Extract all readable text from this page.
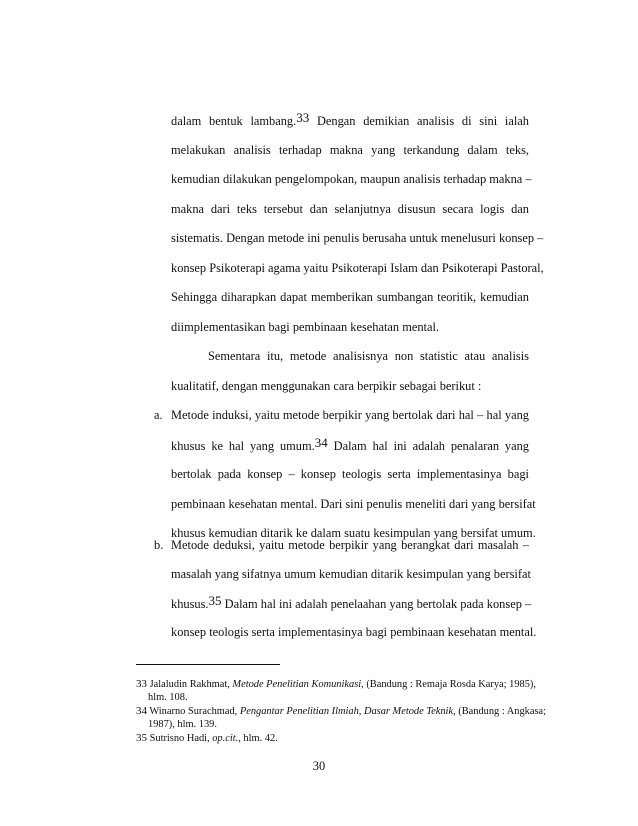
dalam bentuk lambang.33 Dengan demikian analisis di sini ialah
melakukan analisis terhadap makna yang terkandung dalam teks,
kemudian dilakukan pengelompokan, maupun analisis terhadap makna –
makna dari teks tersebut dan selanjutnya disusun secara logis dan
sistematis. Dengan metode ini penulis berusaha untuk menelusuri konsep –
konsep Psikoterapi agama yaitu Psikoterapi Islam dan Psikoterapi Pastoral,
Sehingga diharapkan dapat memberikan sumbangan teoritik, kemudian
diimplementasikan bagi pembinaan kesehatan mental.
Sementara itu, metode analisisnya non statistic atau analisis
kualitatif, dengan menggunakan cara berpikir sebagai berikut :
a. Metode induksi, yaitu metode berpikir yang bertolak dari hal – hal yang
khusus ke hal yang umum.34 Dalam hal ini adalah penalaran yang
bertolak pada konsep – konsep teologis serta implementasinya bagi
pembinaan kesehatan mental. Dari sini penulis meneliti dari yang bersifat
khusus kemudian ditarik ke dalam suatu kesimpulan yang bersifat umum.
b. Metode deduksi, yaitu metode berpikir yang berangkat dari masalah –
masalah yang sifatnya umum kemudian ditarik kesimpulan yang bersifat
khusus.35 Dalam hal ini adalah penelaahan yang bertolak pada konsep –
konsep teologis serta implementasinya bagi pembinaan kesehatan mental.
33 Jalaludin Rakhmat, Metode Penelitian Komunikasi, (Bandung : Remaja Rosda Karya; 1985),
hlm. 108.
34 Winarno Surachmad, Pengantar Penelitian Ilmiah, Dasar Metode Teknik, (Bandung : Angkasa;
1987), hlm. 139.
35 Sutrisno Hadi, op.cit., hlm. 42.
30
